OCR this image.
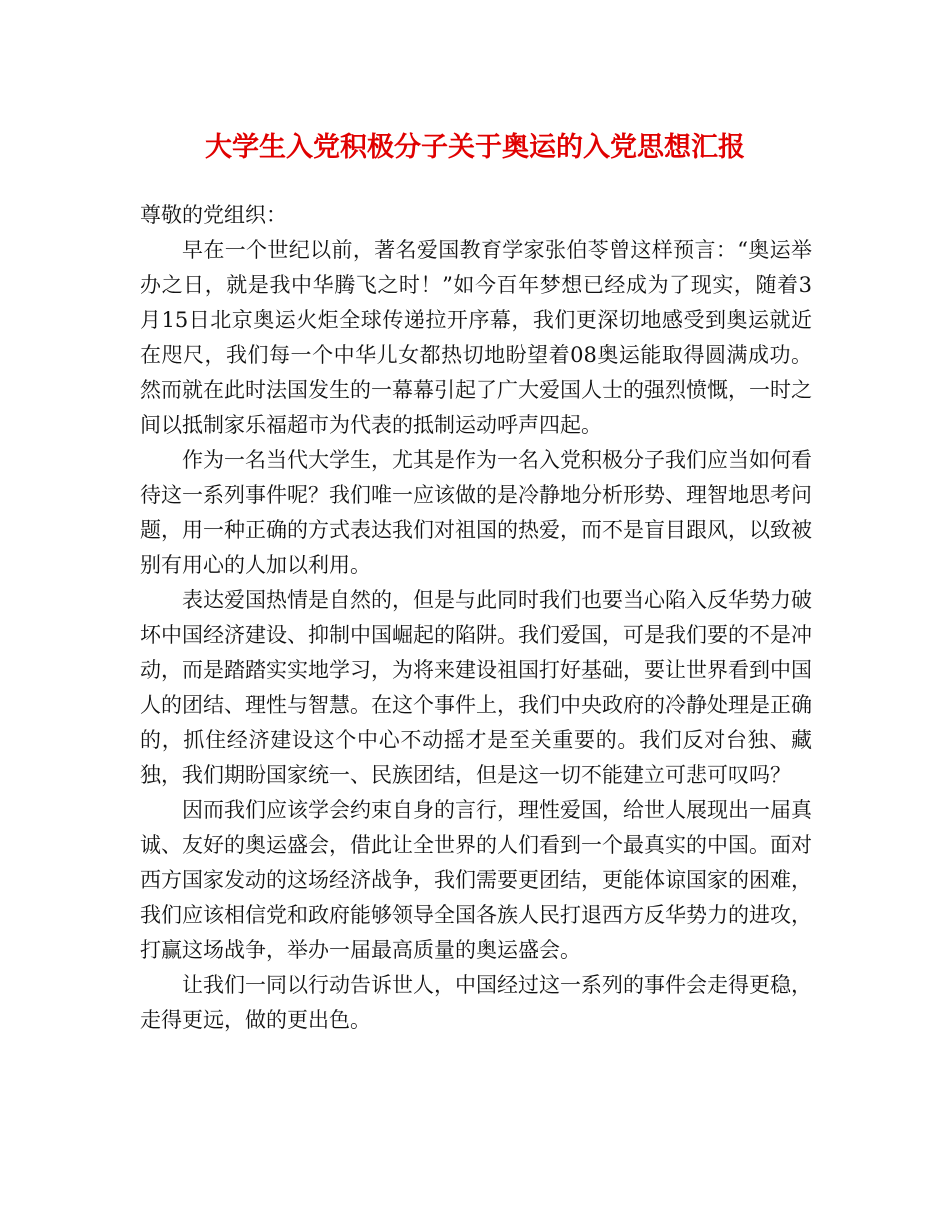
大学生入党积极分子关于奥运的入党思想汇报

尊敬的党组织：

早在一个世纪以前，著名爱国教育学家张伯苓曾这样预言：“奥运举办之日，就是我中华腾飞之时！”如今百年梦想已经成为了现实，随着3月15日北京奥运火炬全球传递拉开序幕，我们更深切地感受到奥运就近在咫尺，我们每一个中华儿女都热切地盼望着08奥运能取得圆满成功。然而就在此时法国发生的一幕幕引起了广大爱国人士的强烈愤慨，一时之间以抵制家乐福超市为代表的抵制运动呼声四起。

作为一名当代大学生，尤其是作为一名入党积极分子我们应当如何看待这一系列事件呢？我们唯一应该做的是冷静地分析形势、理智地思考问题，用一种正确的方式表达我们对祖国的热爱，而不是盲目跟风，以致被别有用心的人加以利用。

表达爱国热情是自然的，但是与此同时我们也要当心陷入反华势力破坏中国经济建设、抑制中国崛起的陷阱。我们爱国，可是我们要的不是冲动，而是踏踏实实地学习，为将来建设祖国打好基础，要让世界看到中国人的团结、理性与智慧。在这个事件上，我们中央政府的冷静处理是正确的，抓住经济建设这个中心不动摇才是至关重要的。我们反对台独、藏独，我们期盼国家统一、民族团结，但是这一切不能建立可悲可叹吗？

因而我们应该学会约束自身的言行，理性爱国，给世人展现出一届真诚、友好的奥运盛会，借此让全世界的人们看到一个最真实的中国。面对西方国家发动的这场经济战争，我们需要更团结，更能体谅国家的困难，我们应该相信党和政府能够领导全国各族人民打退西方反华势力的进攻，打赢这场战争，举办一届最高质量的奥运盛会。

让我们一同以行动告诉世人，中国经过这一系列的事件会走得更稳，走得更远，做的更出色。
